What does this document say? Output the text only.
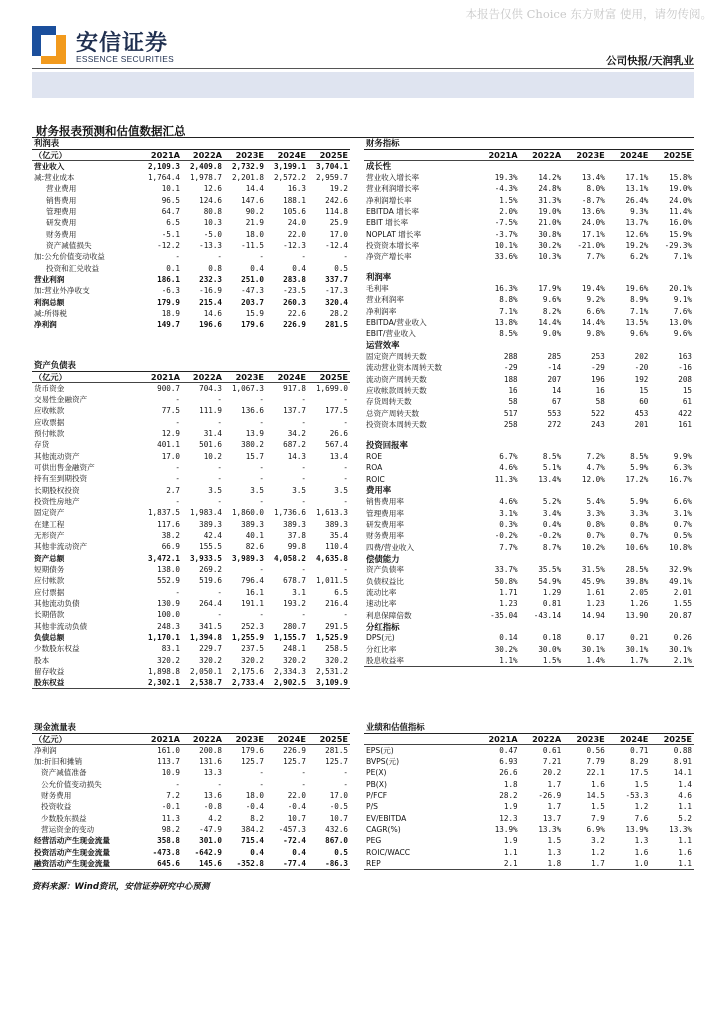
本报告仅供 Choice 东方财富 使用，请勿传阅。
安信证券
ESSENCE SECURITIES	公司快报/天润乳业
财务报表预测和估值数据汇总
利润表					
（亿元）	2021A	2022A	2023E	2024E	2025E
营业收入	2,109.3	2,409.8	2,732.9	3,199.1	3,704.1
减:营业成本	1,764.4	1,978.7	2,201.8	2,572.2	2,959.7
营业费用	10.1	12.6	14.4	16.3	19.2
销售费用	96.5	124.6	147.6	188.1	242.6
管理费用	64.7	80.8	90.2	105.6	114.8
研发费用	6.5	10.3	21.9	24.0	25.9
财务费用	-5.1	-5.0	18.0	22.0	17.0
资产减值损失	-12.2	-13.3	-11.5	-12.3	-12.4
加:公允价值变动收益	-	-	-	-	-
投资和汇兑收益	0.1	0.8	0.4	0.4	0.5
营业利润	186.1	232.3	251.0	283.8	337.7
加:营业外净收支	-6.3	-16.9	-47.3	-23.5	-17.3
利润总额	179.9	215.4	203.7	260.3	320.4
减:所得税	18.9	14.6	15.9	22.6	28.2
净利润	149.7	196.6	179.6	226.9	281.5
资产负债表					
（亿元）	2021A	2022A	2023E	2024E	2025E
货币资金	900.7	704.3	1,067.3	917.8	1,699.0
交易性金融资产	-	-	-	-	-
应收帐款	77.5	111.9	136.6	137.7	177.5
应收票据	-	-	-	-	-
预付帐款	12.9	31.4	13.9	34.2	26.6
存货	401.1	501.6	380.2	687.2	567.4
其他流动资产	17.0	10.2	15.7	14.3	13.4
可供出售金融资产	-	-	-	-	-
持有至到期投资	-	-	-	-	-
长期股权投资	2.7	3.5	3.5	3.5	3.5
投资性房地产	-	-	-	-	-
固定资产	1,837.5	1,983.4	1,860.0	1,736.6	1,613.3
在建工程	117.6	389.3	389.3	389.3	389.3
无形资产	38.2	42.4	40.1	37.8	35.4
其他非流动资产	66.9	155.5	82.6	99.8	110.4
资产总额	3,472.1	3,933.5	3,989.3	4,058.2	4,635.8
短期债务	138.0	269.2	-	-	-
应付帐款	552.9	519.6	796.4	678.7	1,011.5
应付票据	-	-	16.1	3.1	6.5
其他流动负债	130.9	264.4	191.1	193.2	216.4
长期借款	100.0	-	-	-	-
其他非流动负债	248.3	341.5	252.3	280.7	291.5
负债总额	1,170.1	1,394.8	1,255.9	1,155.7	1,525.9
少数股东权益	83.1	229.7	237.5	248.1	258.5
股本	320.2	320.2	320.2	320.2	320.2
留存收益	1,898.8	2,050.1	2,175.6	2,334.3	2,531.2
股东权益	2,302.1	2,538.7	2,733.4	2,902.5	3,109.9
现金流量表					
（亿元）	2021A	2022A	2023E	2024E	2025E
净利润	161.0	200.8	179.6	226.9	281.5
加:折旧和摊销	113.7	131.6	125.7	125.7	125.7
资产减值准备	10.9	13.3	-	-	-
公允价值变动损失	-	-	-	-	-
财务费用	7.2	13.6	18.0	22.0	17.0
投资收益	-0.1	-0.8	-0.4	-0.4	-0.5
少数股东损益	11.3	4.2	8.2	10.7	10.7
营运资金的变动	98.2	-47.9	384.2	-457.3	432.6
经营活动产生现金流量	358.8	301.0	715.4	-72.4	867.0
投资活动产生现金流量	-473.8	-642.9	0.4	0.4	0.5
融资活动产生现金流量	645.6	145.6	-352.8	-77.4	-86.3
财务指标					
	2021A	2022A	2023E	2024E	2025E
成长性					
营业收入增长率	19.3%	14.2%	13.4%	17.1%	15.8%
营业利润增长率	-4.3%	24.8%	8.0%	13.1%	19.0%
净利润增长率	1.5%	31.3%	-8.7%	26.4%	24.0%
EBITDA 增长率	2.0%	19.0%	13.6%	9.3%	11.4%
EBIT 增长率	-7.5%	21.0%	24.0%	13.7%	16.0%
NOPLAT 增长率	-3.7%	30.8%	17.1%	12.6%	15.9%
投资资本增长率	10.1%	30.2%	-21.0%	19.2%	-29.3%
净资产增长率	33.6%	10.3%	7.7%	6.2%	7.1%

利润率					
毛利率	16.3%	17.9%	19.4%	19.6%	20.1%
营业利润率	8.8%	9.6%	9.2%	8.9%	9.1%
净利润率	7.1%	8.2%	6.6%	7.1%	7.6%
EBITDA/营业收入	13.8%	14.4%	14.4%	13.5%	13.0%
EBIT/营业收入	8.5%	9.0%	9.8%	9.6%	9.6%
运营效率					
固定资产周转天数	288	285	253	202	163
流动营业资本周转天数	-29	-14	-29	-20	-16
流动资产周转天数	188	207	196	192	208
应收帐款周转天数	16	14	16	15	15
存货周转天数	58	67	58	60	61
总资产周转天数	517	553	522	453	422
投资资本周转天数	258	272	243	201	161

投资回报率					
ROE	6.7%	8.5%	7.2%	8.5%	9.9%
ROA	4.6%	5.1%	4.7%	5.9%	6.3%
ROIC	11.3%	13.4%	12.0%	17.2%	16.7%
费用率					
销售费用率	4.6%	5.2%	5.4%	5.9%	6.6%
管理费用率	3.1%	3.4%	3.3%	3.3%	3.1%
研发费用率	0.3%	0.4%	0.8%	0.8%	0.7%
财务费用率	-0.2%	-0.2%	0.7%	0.7%	0.5%
四费/营业收入	7.7%	8.7%	10.2%	10.6%	10.8%
偿债能力					
资产负债率	33.7%	35.5%	31.5%	28.5%	32.9%
负债权益比	50.8%	54.9%	45.9%	39.8%	49.1%
流动比率	1.71	1.29	1.61	2.05	2.01
速动比率	1.23	0.81	1.23	1.26	1.55
利息保障倍数	-35.04	-43.14	14.94	13.90	20.87
分红指标					
DPS(元)	0.14	0.18	0.17	0.21	0.26
分红比率	30.2%	30.0%	30.1%	30.1%	30.1%
股息收益率	1.1%	1.5%	1.4%	1.7%	2.1%
业绩和估值指标					
	2021A	2022A	2023E	2024E	2025E
EPS(元)	0.47	0.61	0.56	0.71	0.88
BVPS(元)	6.93	7.21	7.79	8.29	8.91
PE(X)	26.6	20.2	22.1	17.5	14.1
PB(X)	1.8	1.7	1.6	1.5	1.4
P/FCF	28.2	-26.9	14.5	-53.3	4.6
P/S	1.9	1.7	1.5	1.2	1.1
EV/EBITDA	12.3	13.7	7.9	7.6	5.2
CAGR(%)	13.9%	13.3%	6.9%	13.9%	13.3%
PEG	1.9	1.5	3.2	1.3	1.1
ROIC/WACC	1.1	1.3	1.2	1.6	1.6
REP	2.1	1.8	1.7	1.0	1.1
资料来源：Wind资讯，安信证券研究中心预测
